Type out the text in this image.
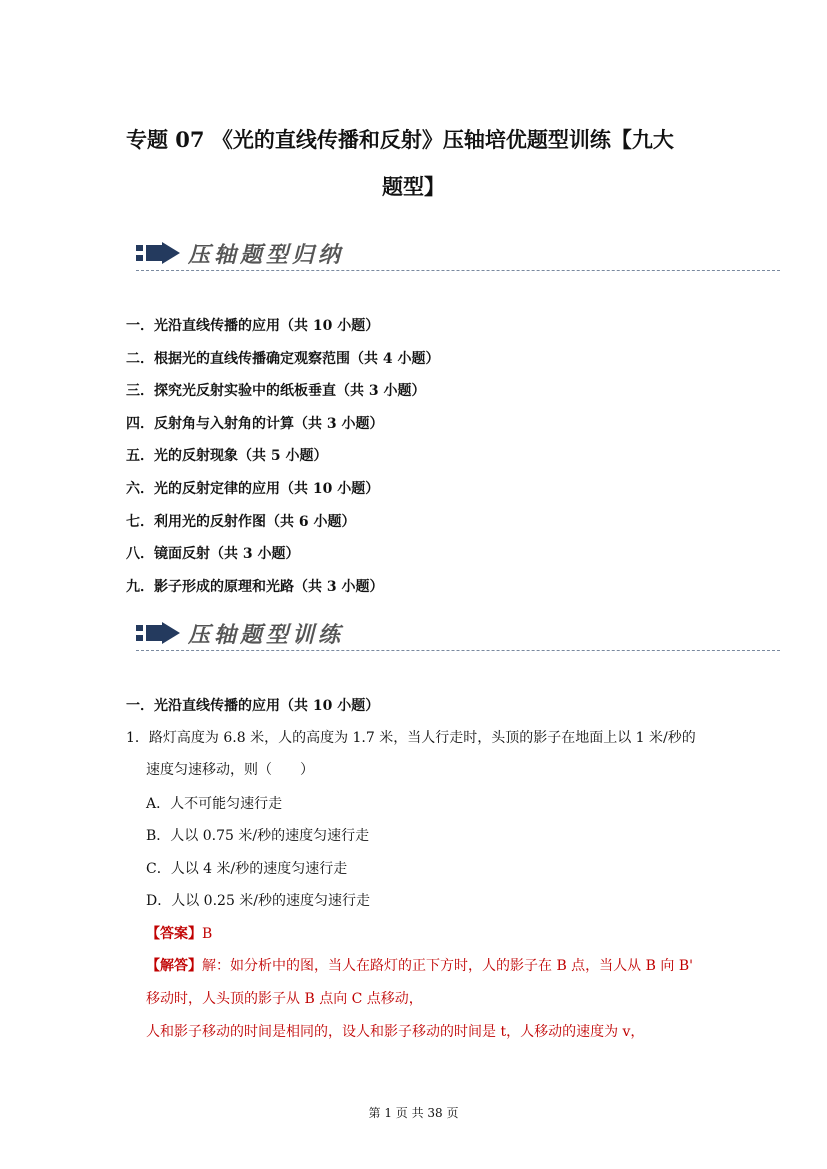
专题 07 《光的直线传播和反射》压轴培优题型训练【九大
题型】
压轴题型归纳
一．光沿直线传播的应用（共 10 小题）
二．根据光的直线传播确定观察范围（共 4 小题）
三．探究光反射实验中的纸板垂直（共 3 小题）
四．反射角与入射角的计算（共 3 小题）
五．光的反射现象（共 5 小题）
六．光的反射定律的应用（共 10 小题）
七．利用光的反射作图（共 6 小题）
八．镜面反射（共 3 小题）
九．影子形成的原理和光路（共 3 小题）
压轴题型训练
一．光沿直线传播的应用（共 10 小题）
1．路灯高度为 6.8 米，人的高度为 1.7 米，当人行走时，头顶的影子在地面上以 1 米/秒的
速度匀速移动，则（　　）
A．人不可能匀速行走
B．人以 0.75 米/秒的速度匀速行走
C．人以 4 米/秒的速度匀速行走
D．人以 0.25 米/秒的速度匀速行走
【答案】B
【解答】解：如分析中的图，当人在路灯的正下方时，人的影子在 B 点，当人从 B 向 B'
移动时，人头顶的影子从 B 点向 C 点移动，
人和影子移动的时间是相同的，设人和影子移动的时间是 t，人移动的速度为 v，
第 1 页 共 38 页
